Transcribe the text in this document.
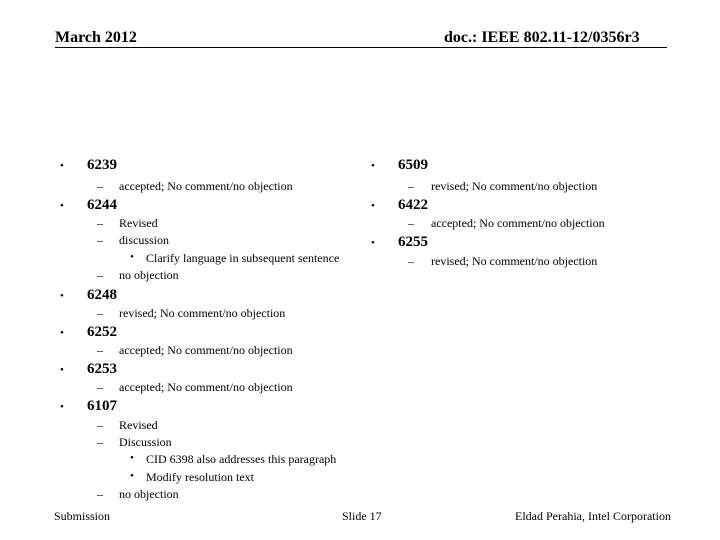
March 2012	doc.: IEEE 802.11-12/0356r3
• 6239
– accepted; No comment/no objection
• 6244
– Revised
– discussion
• Clarify language in subsequent sentence
– no objection
• 6248
– revised; No comment/no objection
• 6252
– accepted; No comment/no objection
• 6253
– accepted; No comment/no objection
• 6107
– Revised
– Discussion
• CID 6398 also addresses this paragraph
• Modify resolution text
– no objection
• 6509
– revised; No comment/no objection
• 6422
– accepted; No comment/no objection
• 6255
– revised; No comment/no objection
Submission	Slide 17	Eldad Perahia, Intel Corporation
